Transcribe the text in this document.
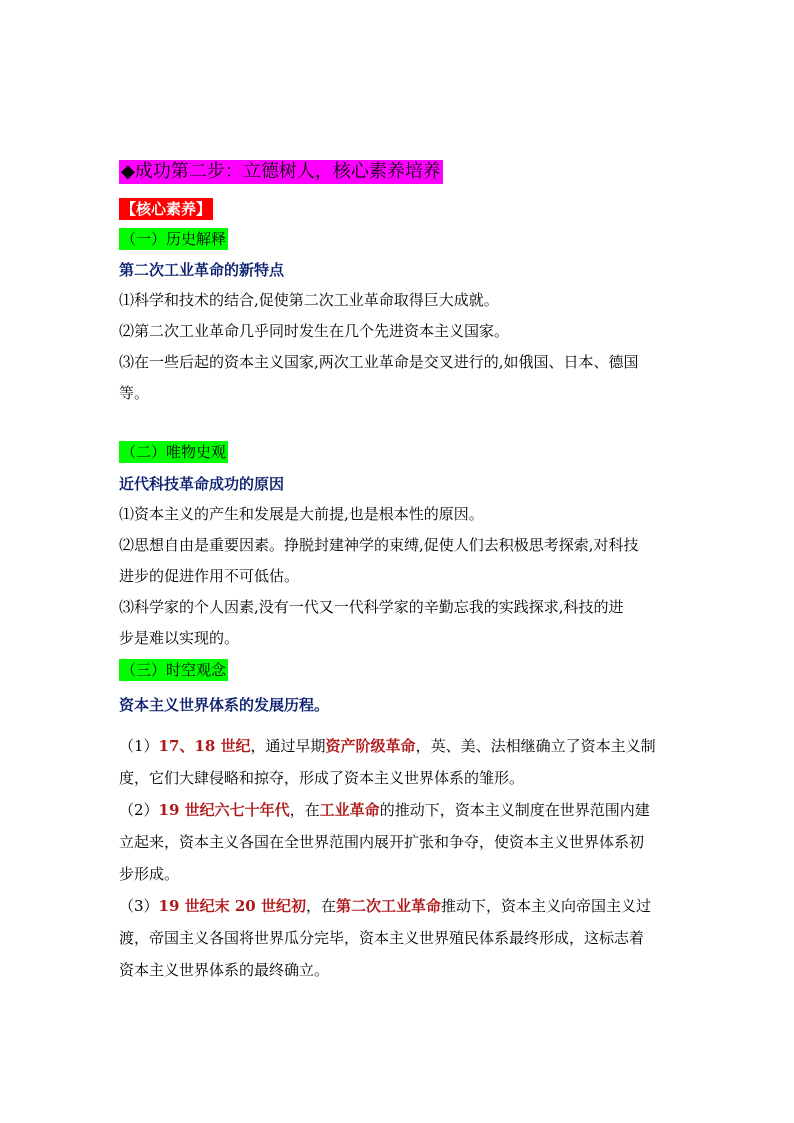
◆成功第二步：立德树人，核心素养培养
【核心素养】
（一）历史解释
第二次工业革命的新特点

⑴科学和技术的结合,促使第二次工业革命取得巨大成就。

⑵第二次工业革命几乎同时发生在几个先进资本主义国家。

⑶在一些后起的资本主义国家,两次工业革命是交叉进行的,如俄国、日本、德国

等。

（二）唯物史观
近代科技革命成功的原因

⑴资本主义的产生和发展是大前提,也是根本性的原因。

⑵思想自由是重要因素。挣脱封建神学的束缚,促使人们去积极思考探索,对科技

进步的促进作用不可低估。

⑶科学家的个人因素,没有一代又一代科学家的辛勤忘我的实践探求,科技的进

步是难以实现的。

（三）时空观念
资本主义世界体系的发展历程。

（1）17、18 世纪，通过早期资产阶级革命，英、美、法相继确立了资本主义制

度，它们大肆侵略和掠夺，形成了资本主义世界体系的雏形。

（2）19 世纪六七十年代，在工业革命的推动下，资本主义制度在世界范围内建

立起来，资本主义各国在全世界范围内展开扩张和争夺，使资本主义世界体系初

步形成。

（3）19 世纪末 20 世纪初，在第二次工业革命推动下，资本主义向帝国主义过

渡，帝国主义各国将世界瓜分完毕，资本主义世界殖民体系最终形成，这标志着

资本主义世界体系的最终确立。
